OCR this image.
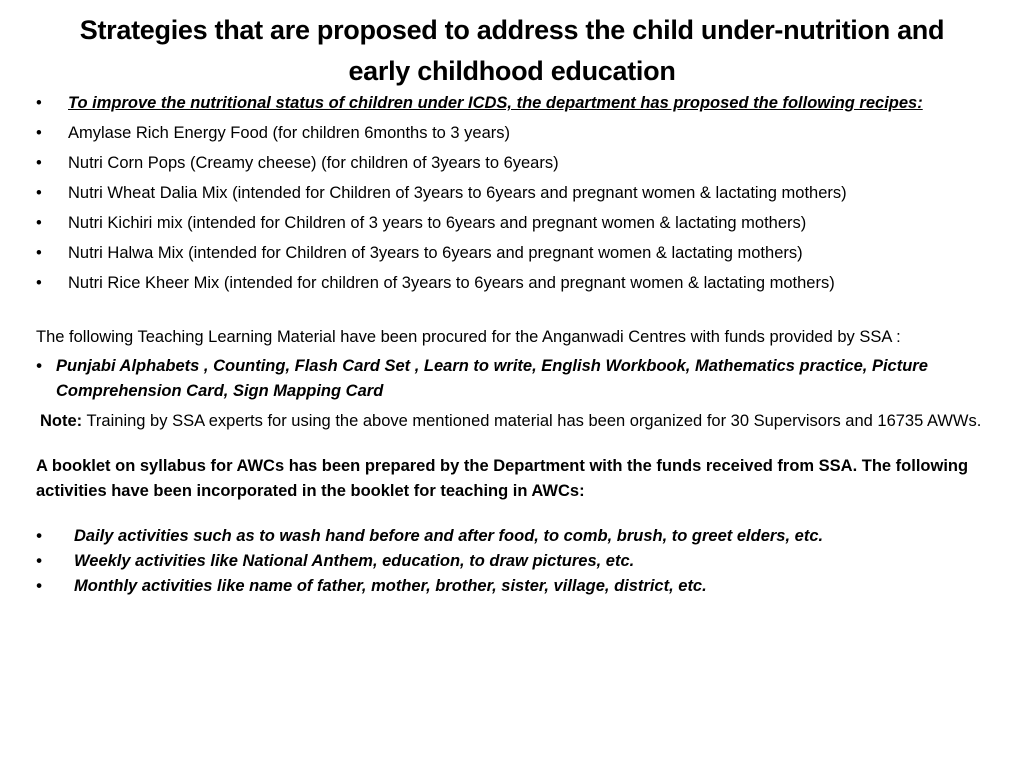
Strategies that are proposed to address the child under-nutrition and early childhood education
•	To improve the nutritional status of children under ICDS, the department has proposed the following recipes:
•	Amylase Rich Energy Food (for children 6months to 3 years)
•	Nutri Corn Pops (Creamy cheese) (for children of 3years to 6years)
•	Nutri Wheat Dalia Mix (intended for Children of 3years to 6years and pregnant women & lactating mothers)
•	Nutri Kichiri mix (intended for Children of 3 years to 6years and pregnant women & lactating mothers)
•	Nutri Halwa Mix (intended for Children of 3years to 6years and pregnant women & lactating mothers)
•	Nutri Rice Kheer Mix (intended for children of 3years to 6years and pregnant women & lactating mothers)

The following Teaching Learning Material have been procured for the Anganwadi Centres with funds provided by SSA :

• Punjabi Alphabets , Counting, Flash Card Set , Learn to write, English Workbook, Mathematics practice, Picture Comprehension Card, Sign Mapping Card

Note: Training by SSA experts for using the above mentioned material has been organized for 30 Supervisors and 16735 AWWs.

A booklet on syllabus for AWCs has been prepared by the Department with the funds received from SSA. The following activities have been incorporated in the booklet for teaching in AWCs:

•	Daily activities such as to wash hand before and after food, to comb, brush, to greet elders, etc.
•	Weekly activities like National Anthem, education, to draw pictures, etc.
•	Monthly activities like name of father, mother, brother, sister, village, district, etc.
